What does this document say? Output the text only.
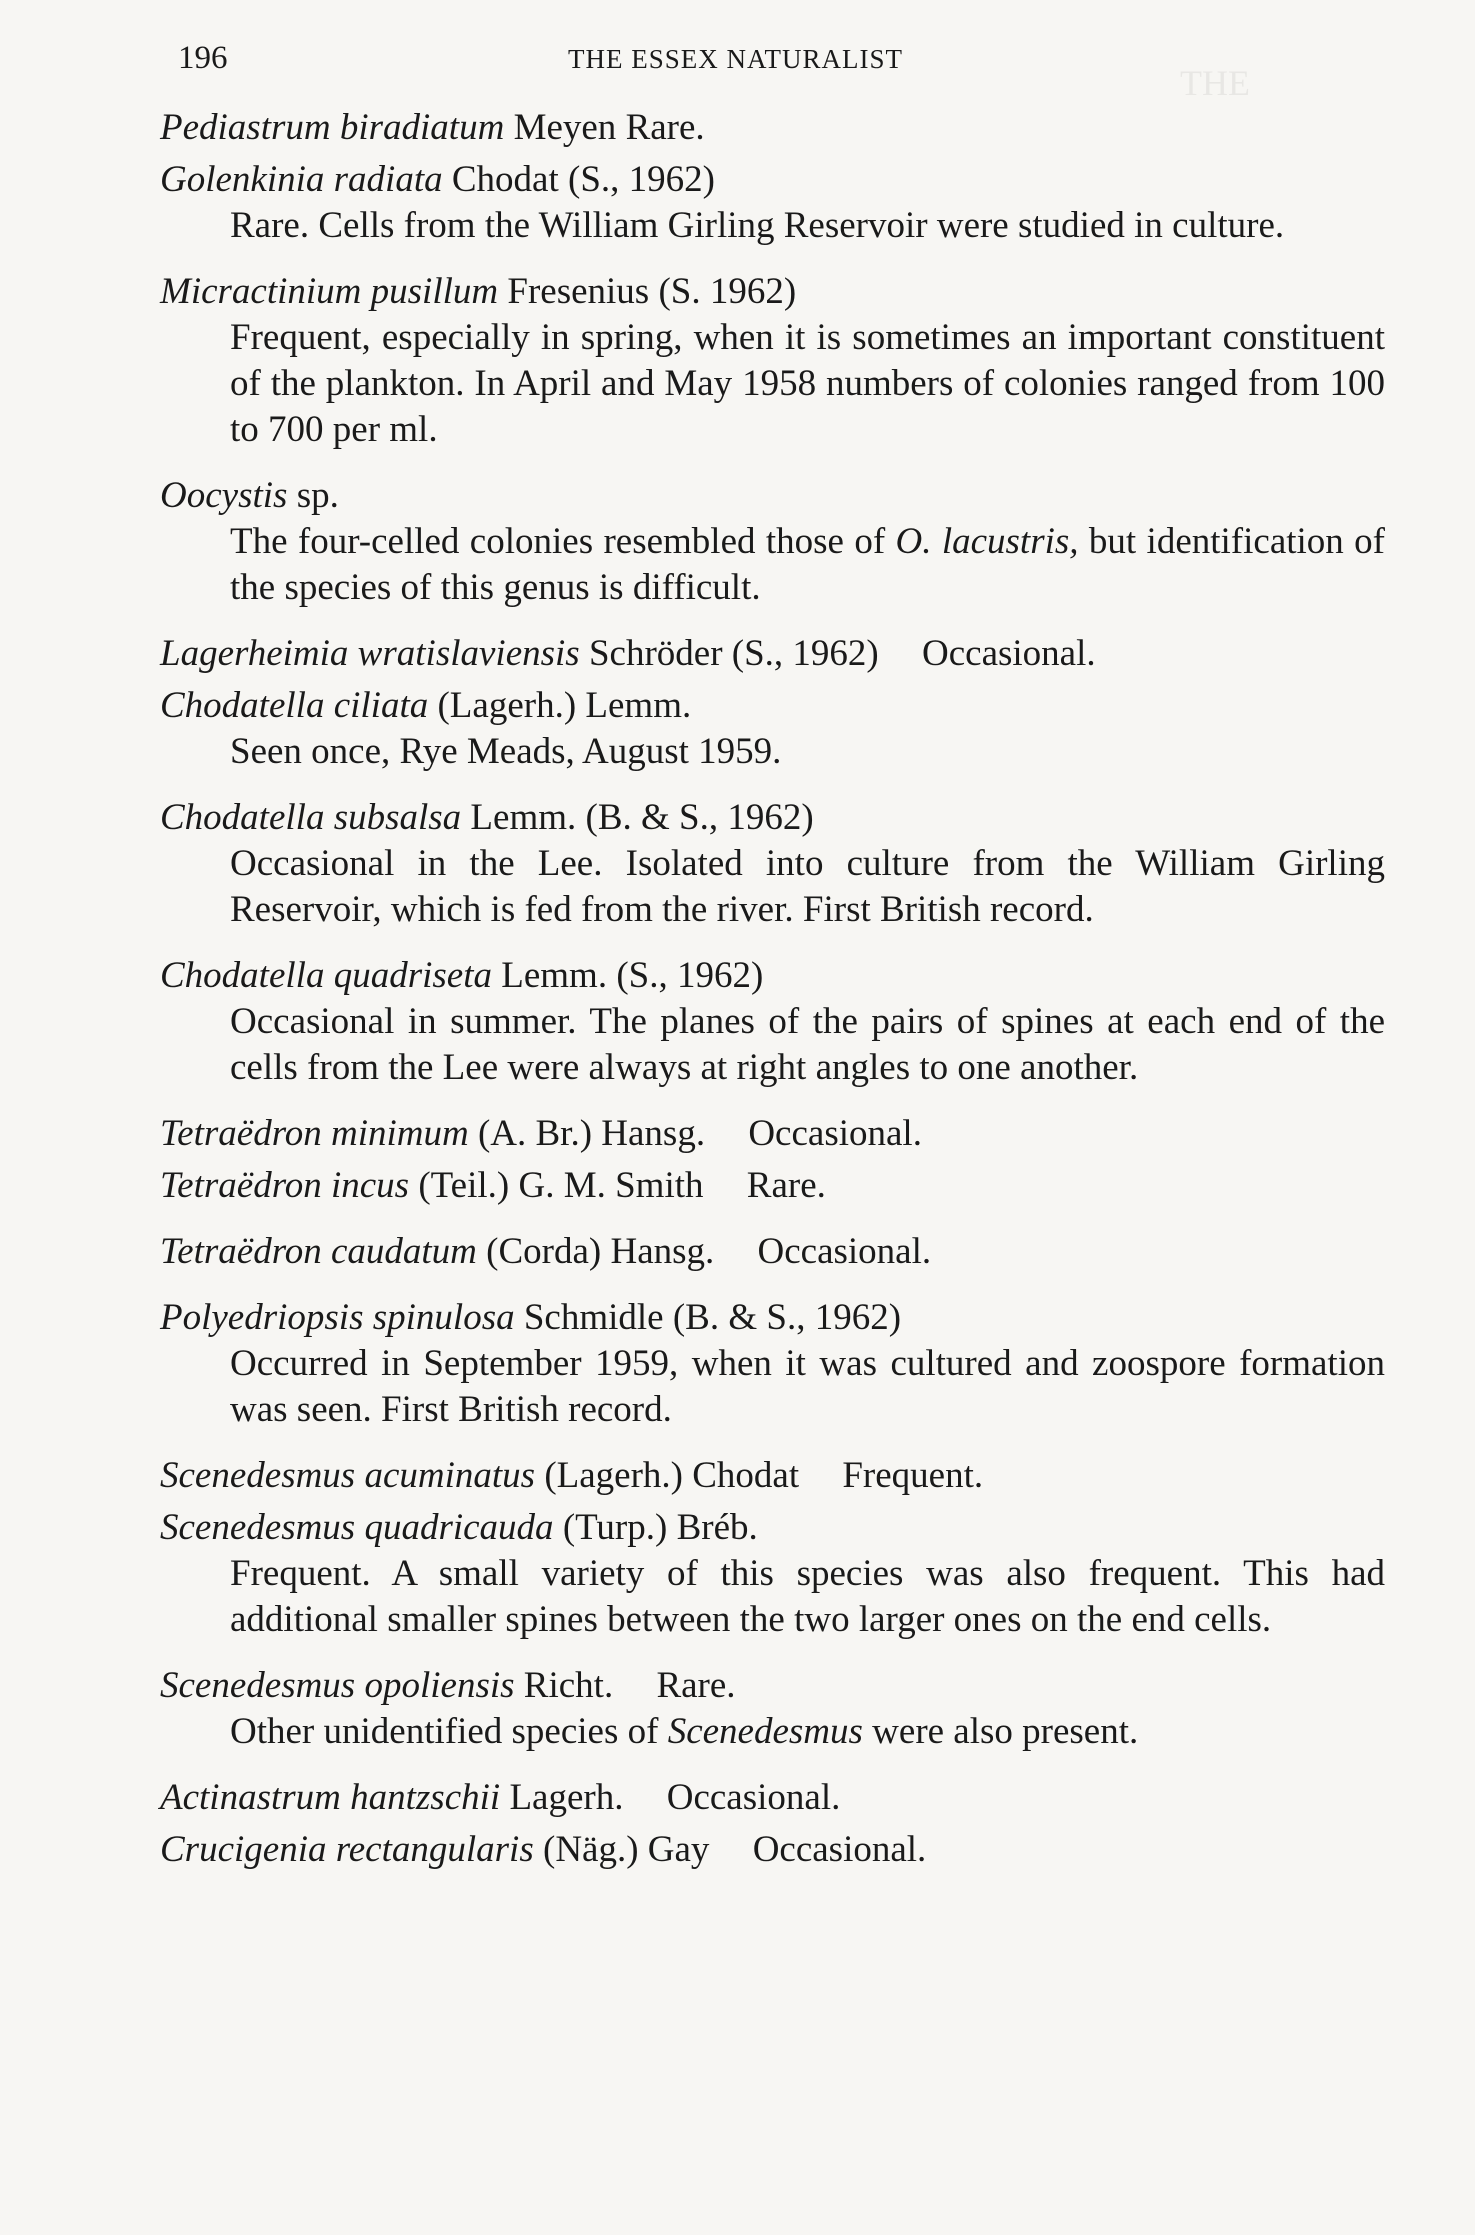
THE
196	THE ESSEX NATURALIST
Pediastrum biradiatum Meyen Rare.
Golenkinia radiata Chodat (S., 1962)
Rare. Cells from the William Girling Reservoir were studied in culture.
Micractinium pusillum Fresenius (S. 1962)
Frequent, especially in spring, when it is sometimes an important constituent of the plankton. In April and May 1958 numbers of colonies ranged from 100 to 700 per ml.
Oocystis sp.
The four-celled colonies resembled those of O. lacustris, but identification of the species of this genus is difficult.
Lagerheimia wratislaviensis Schröder (S., 1962) Occasional.
Chodatella ciliata (Lagerh.) Lemm.
Seen once, Rye Meads, August 1959.
Chodatella subsalsa Lemm. (B. & S., 1962)
Occasional in the Lee. Isolated into culture from the William Girling Reservoir, which is fed from the river. First British record.
Chodatella quadriseta Lemm. (S., 1962)
Occasional in summer. The planes of the pairs of spines at each end of the cells from the Lee were always at right angles to one another.
Tetraëdron minimum (A. Br.) Hansg. Occasional.
Tetraëdron incus (Teil.) G. M. Smith Rare.
Tetraëdron caudatum (Corda) Hansg. Occasional.
Polyedriopsis spinulosa Schmidle (B. & S., 1962)
Occurred in September 1959, when it was cultured and zoospore formation was seen. First British record.
Scenedesmus acuminatus (Lagerh.) Chodat Frequent.
Scenedesmus quadricauda (Turp.) Bréb.
Frequent. A small variety of this species was also frequent. This had additional smaller spines between the two larger ones on the end cells.
Scenedesmus opoliensis Richt. Rare.
Other unidentified species of Scenedesmus were also present.
Actinastrum hantzschii Lagerh. Occasional.
Crucigenia rectangularis (Näg.) Gay Occasional.
